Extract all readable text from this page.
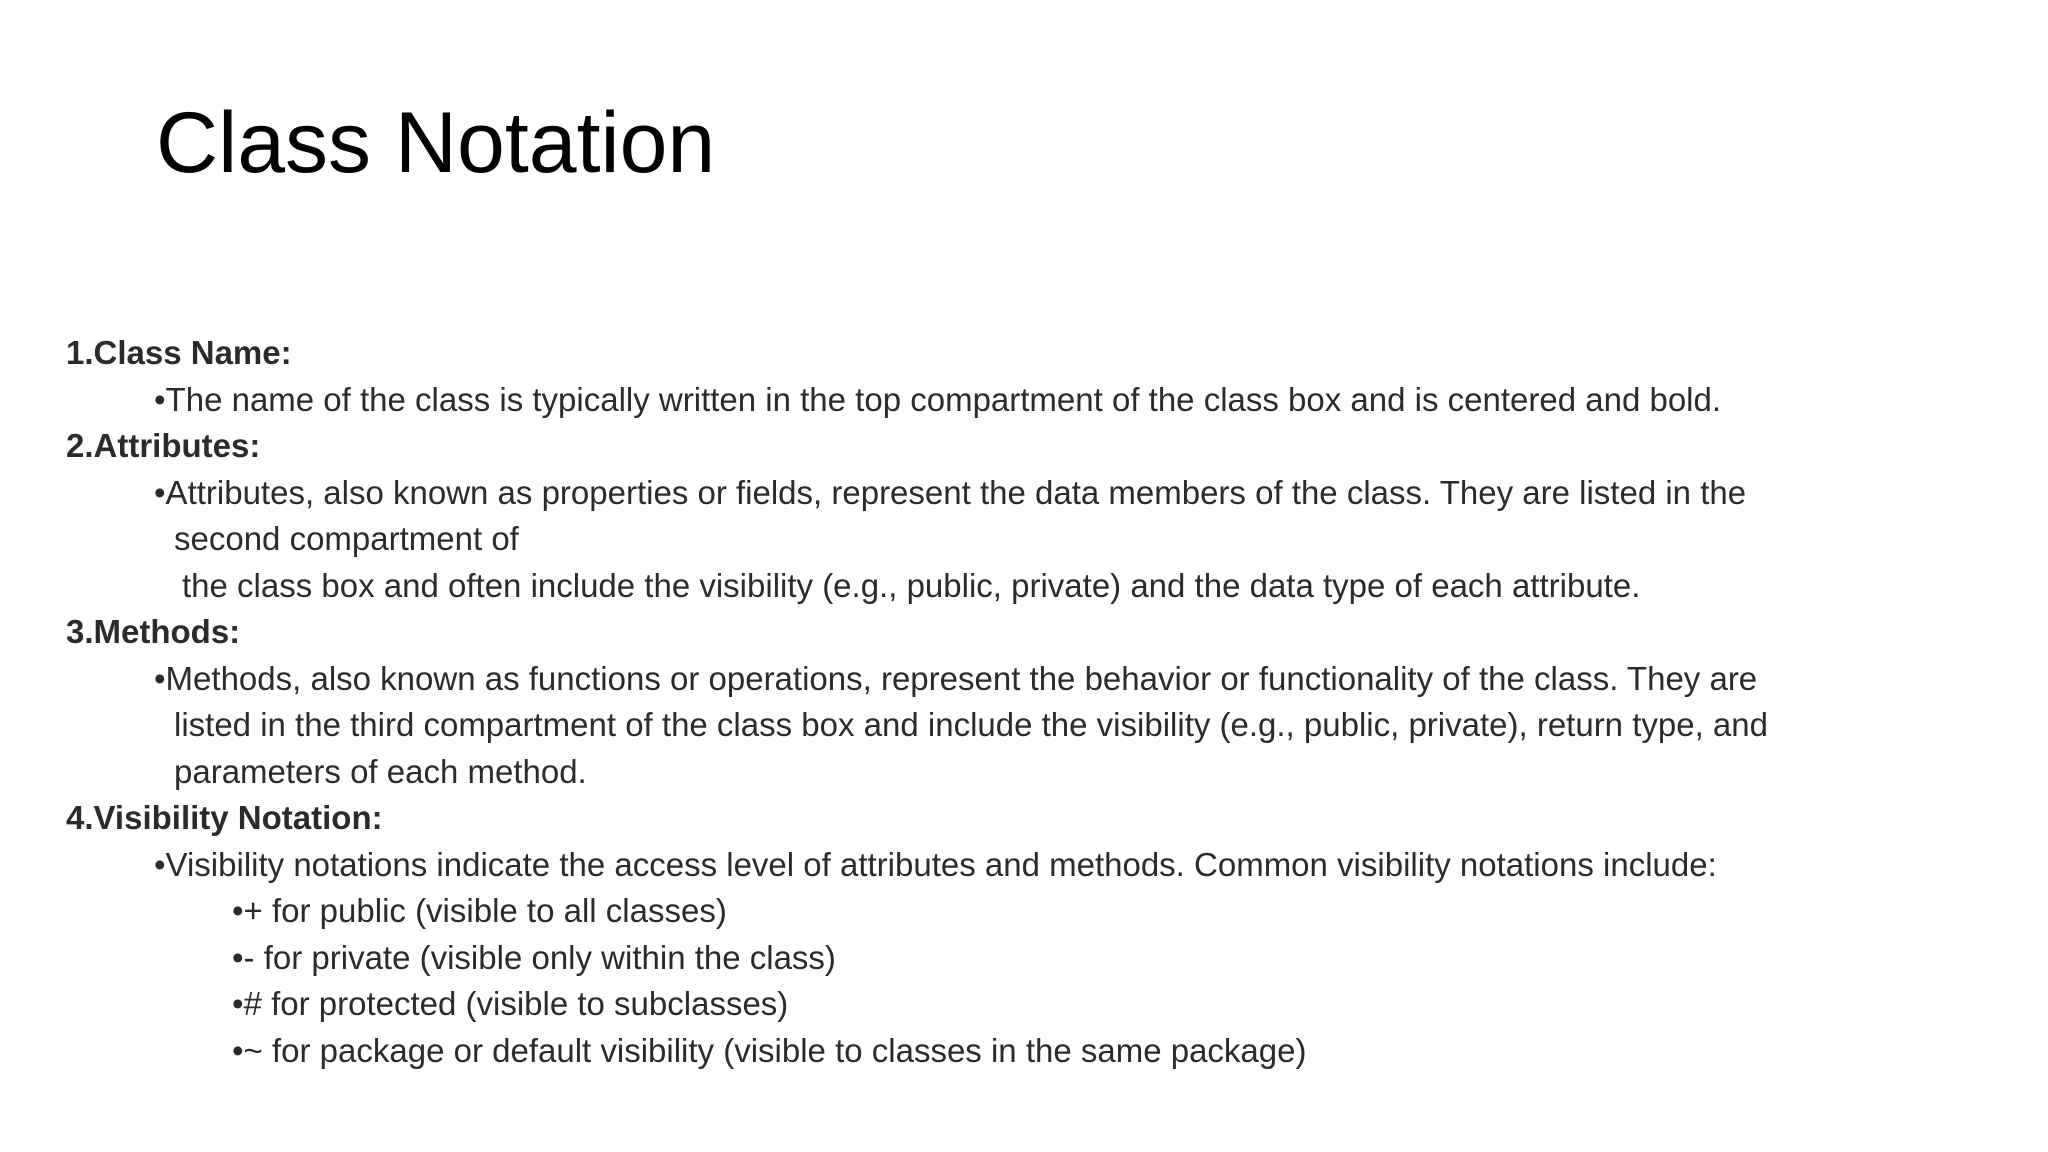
Class Notation
1.Class Name:
•The name of the class is typically written in the top compartment of the class box and is centered and bold.
2.Attributes:
•Attributes, also known as properties or fields, represent the data members of the class. They are listed in the
second compartment of
the class box and often include the visibility (e.g., public, private) and the data type of each attribute.
3.Methods:
•Methods, also known as functions or operations, represent the behavior or functionality of the class. They are
listed in the third compartment of the class box and include the visibility (e.g., public, private), return type, and
parameters of each method.
4.Visibility Notation:
•Visibility notations indicate the access level of attributes and methods. Common visibility notations include:
•+ for public (visible to all classes)
•- for private (visible only within the class)
•# for protected (visible to subclasses)
•~ for package or default visibility (visible to classes in the same package)
